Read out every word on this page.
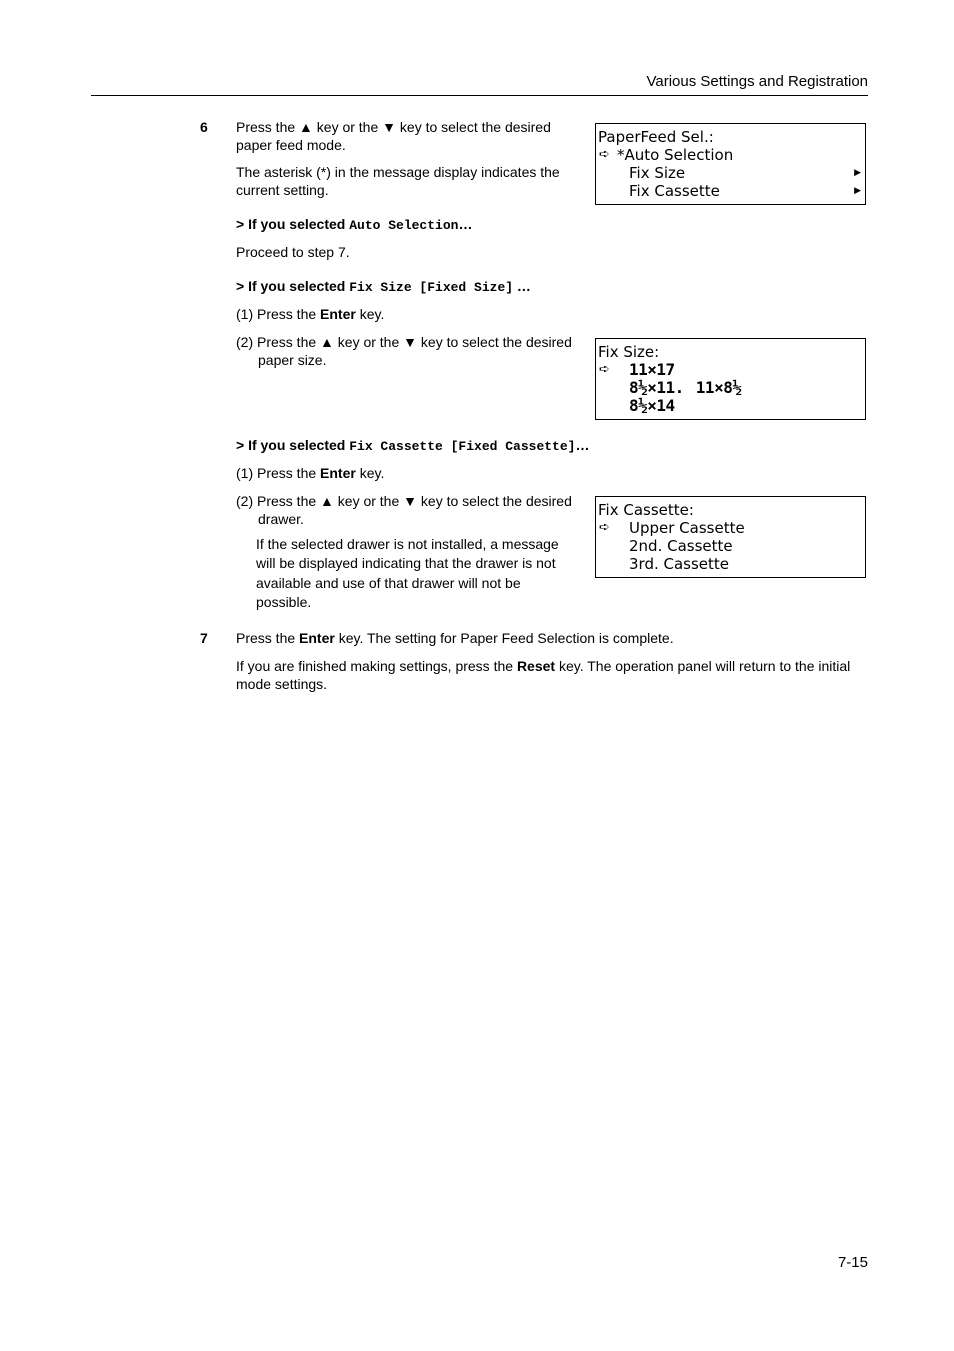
Various Settings and Registration
6 Press the ▲ key or the ▼ key to select the desired
paper feed mode.
The asterisk (*) in the message display indicates the
current setting.
> If you selected Auto Selection…
Proceed to step 7.
> If you selected Fix Size [Fixed Size] …
(1) Press the Enter key.
(2) Press the ▲ key or the ▼ key to select the desired
paper size.
> If you selected Fix Cassette [Fixed Cassette]…
(1) Press the Enter key.
(2) Press the ▲ key or the ▼ key to select the desired
drawer.
If the selected drawer is not installed, a message
will be displayed indicating that the drawer is not
available and use of that drawer will not be
possible.
7 Press the Enter key. The setting for Paper Feed Selection is complete.
If you are finished making settings, press the Reset key. The operation panel will return to the initial
mode settings.
PaperFeed Sel.:
➪ *Auto Selection
Fix Size	▶
Fix Cassette	▶
Fix Size:
➪ 11×17
8½×11. 11×8½
8½×14
Fix Cassette:
➪ Upper Cassette
2nd. Cassette
3rd. Cassette
7-15
